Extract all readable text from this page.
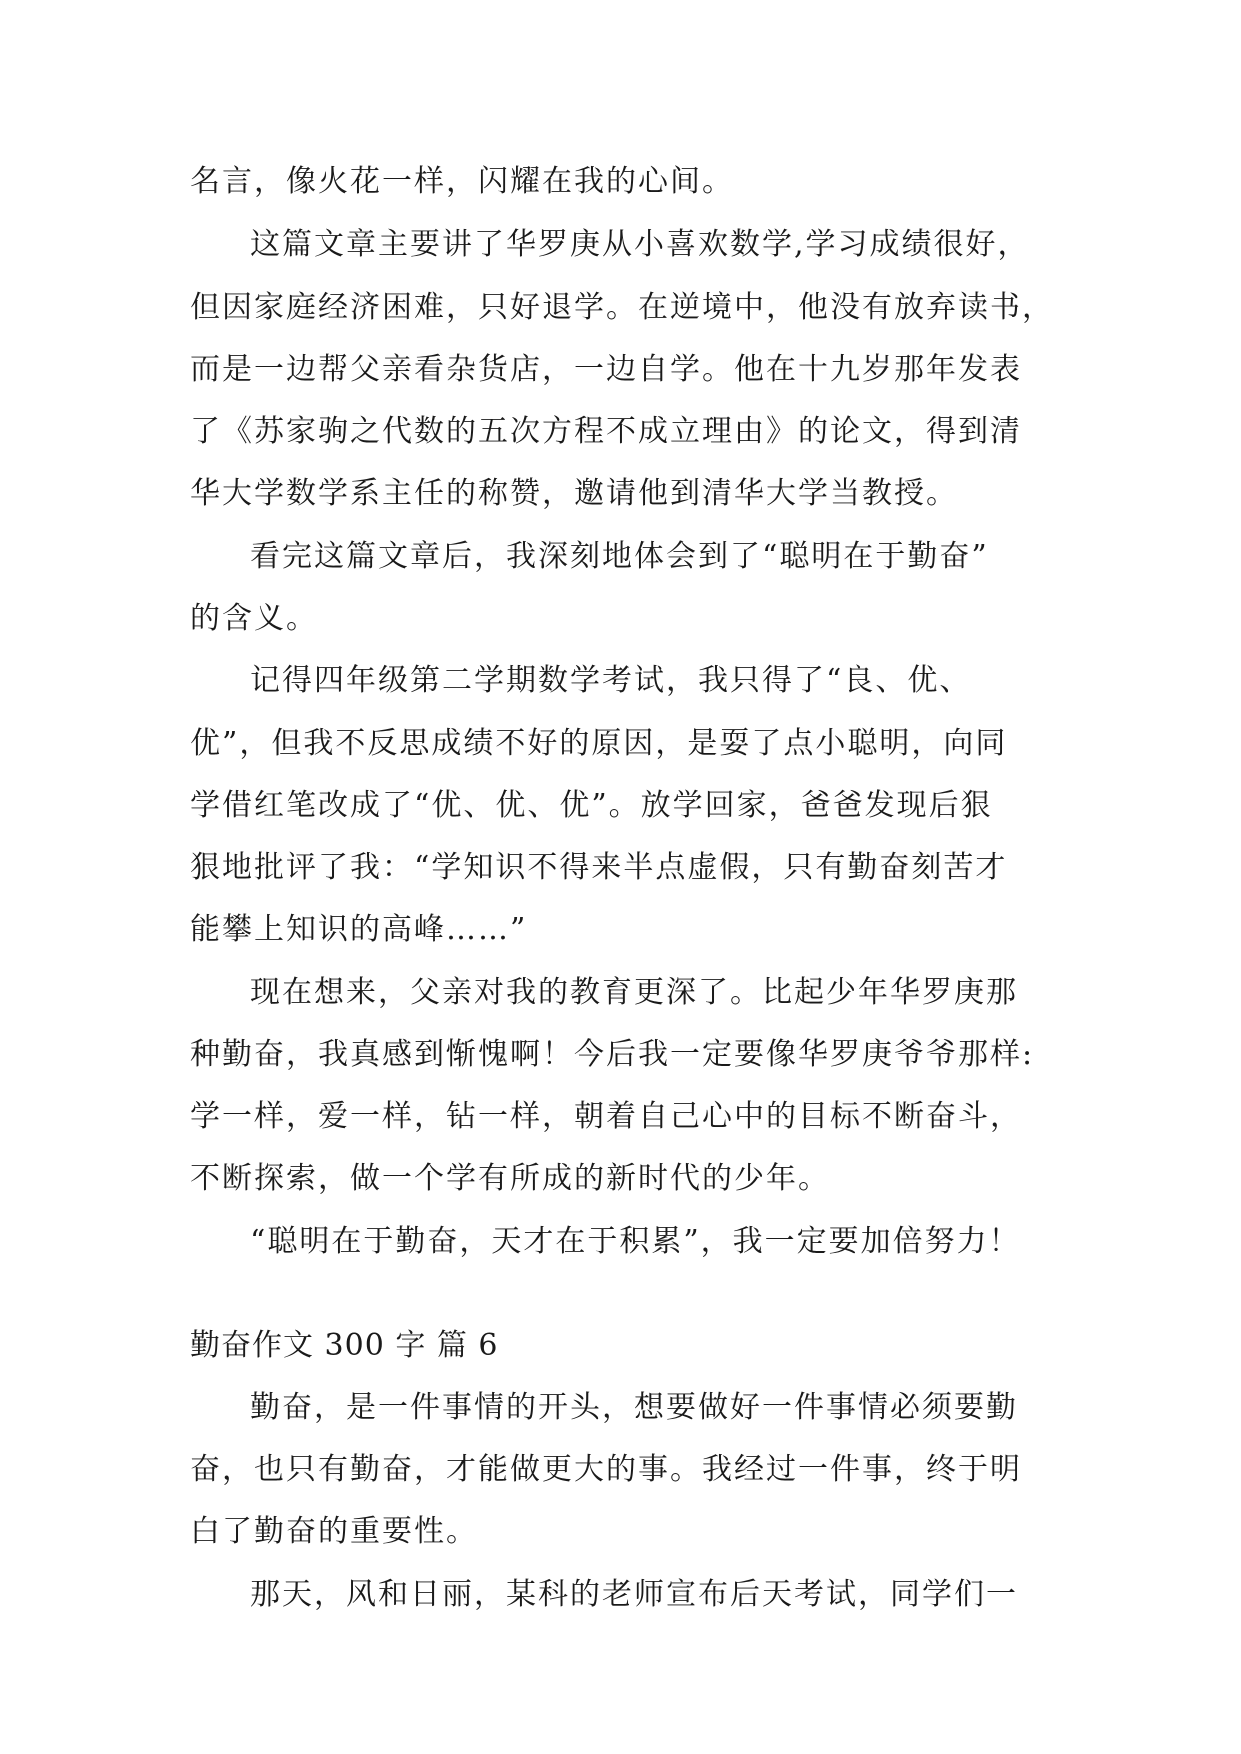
名言，像火花一样，闪耀在我的心间。
这篇文章主要讲了华罗庚从小喜欢数学,学习成绩很好，
但因家庭经济困难，只好退学。在逆境中，他没有放弃读书，
而是一边帮父亲看杂货店，一边自学。他在十九岁那年发表
了《苏家驹之代数的五次方程不成立理由》的论文，得到清
华大学数学系主任的称赞，邀请他到清华大学当教授。
看完这篇文章后，我深刻地体会到了“聪明在于勤奋”
的含义。
记得四年级第二学期数学考试，我只得了“良、优、
优”，但我不反思成绩不好的原因，是耍了点小聪明，向同
学借红笔改成了“优、优、优”。放学回家，爸爸发现后狠
狠地批评了我：“学知识不得来半点虚假，只有勤奋刻苦才
能攀上知识的高峰……”
现在想来，父亲对我的教育更深了。比起少年华罗庚那
种勤奋，我真感到惭愧啊！今后我一定要像华罗庚爷爷那样:
学一样，爱一样，钻一样，朝着自己心中的目标不断奋斗，
不断探索，做一个学有所成的新时代的少年。
“聪明在于勤奋，天才在于积累”，我一定要加倍努力！
勤奋作文 300 字 篇 6
勤奋，是一件事情的开头，想要做好一件事情必须要勤
奋，也只有勤奋，才能做更大的事。我经过一件事，终于明
白了勤奋的重要性。
那天，风和日丽，某科的老师宣布后天考试，同学们一
